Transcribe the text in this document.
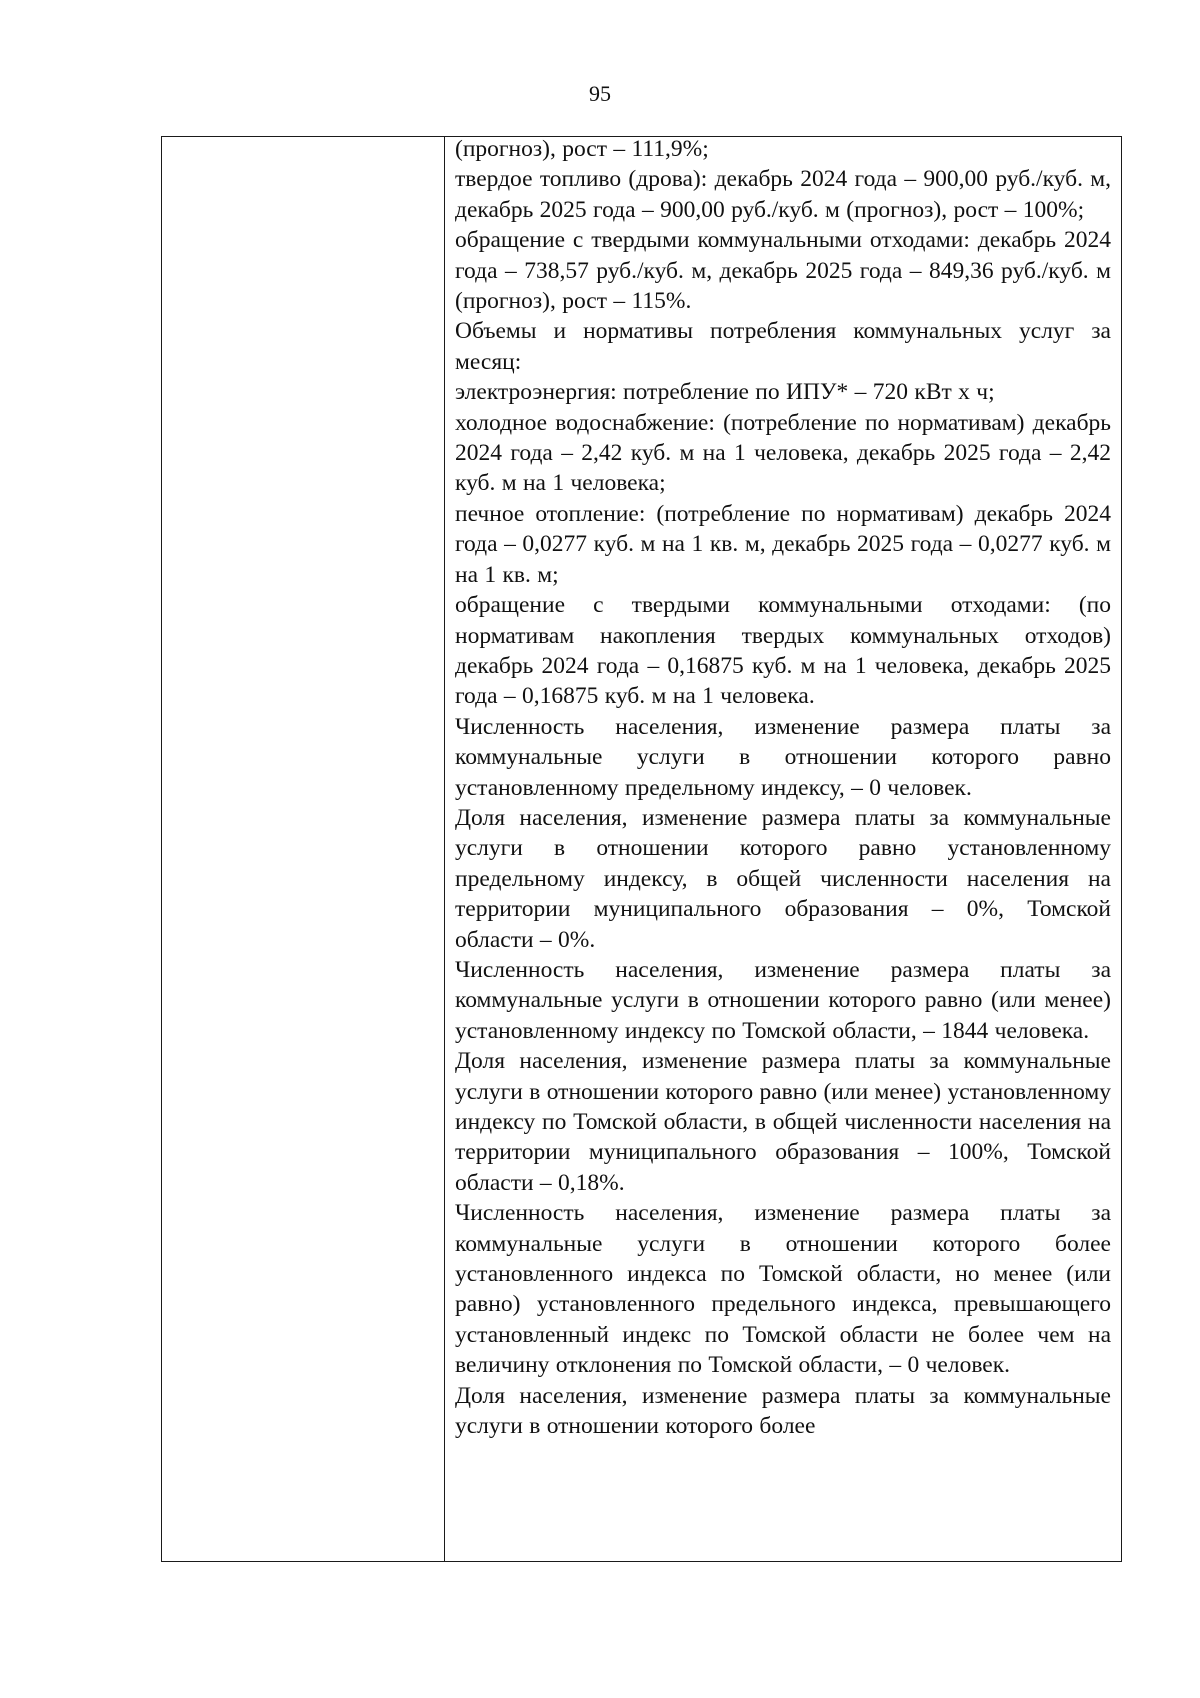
95

(прогноз), рост – 111,9%;

твердое топливо (дрова): декабрь 2024 года – 900,00 руб./куб. м, декабрь 2025 года – 900,00 руб./куб. м (прогноз), рост – 100%;

обращение с твердыми коммунальными отходами: декабрь 2024 года – 738,57 руб./куб. м, декабрь 2025 года – 849,36 руб./куб. м (прогноз), рост – 115%.

Объемы и нормативы потребления коммунальных услуг за месяц:

электроэнергия: потребление по ИПУ* – 720 кВт х ч;

холодное водоснабжение: (потребление по нормативам) декабрь 2024 года – 2,42 куб. м на 1 человека, декабрь 2025 года – 2,42 куб. м на 1 человека;

печное отопление: (потребление по нормативам) декабрь 2024 года – 0,0277 куб. м на 1 кв. м, декабрь 2025 года – 0,0277 куб. м на 1 кв. м;

обращение с твердыми коммунальными отходами: (по нормативам накопления твердых коммунальных отходов) декабрь 2024 года – 0,16875 куб. м на 1 человека, декабрь 2025 года – 0,16875 куб. м на 1 человека.

Численность населения, изменение размера платы за коммунальные услуги в отношении которого равно установленному предельному индексу, – 0 человек.

Доля населения, изменение размера платы за коммунальные услуги в отношении которого равно установленному предельному индексу, в общей численности населения на территории муниципального образования – 0%, Томской области – 0%.

Численность населения, изменение размера платы за коммунальные услуги в отношении которого равно (или менее) установленному индексу по Томской области, – 1844 человека.

Доля населения, изменение размера платы за коммунальные услуги в отношении которого равно (или менее) установленному индексу по Томской области, в общей численности населения на территории муниципального образования – 100%, Томской области – 0,18%.

Численность населения, изменение размера платы за коммунальные услуги в отношении которого более установленного индекса по Томской области, но менее (или равно) установленного предельного индекса, превышающего установленный индекс по Томской области не более чем на величину отклонения по Томской области, – 0 человек.

Доля населения, изменение размера платы за коммунальные услуги в отношении которого более
